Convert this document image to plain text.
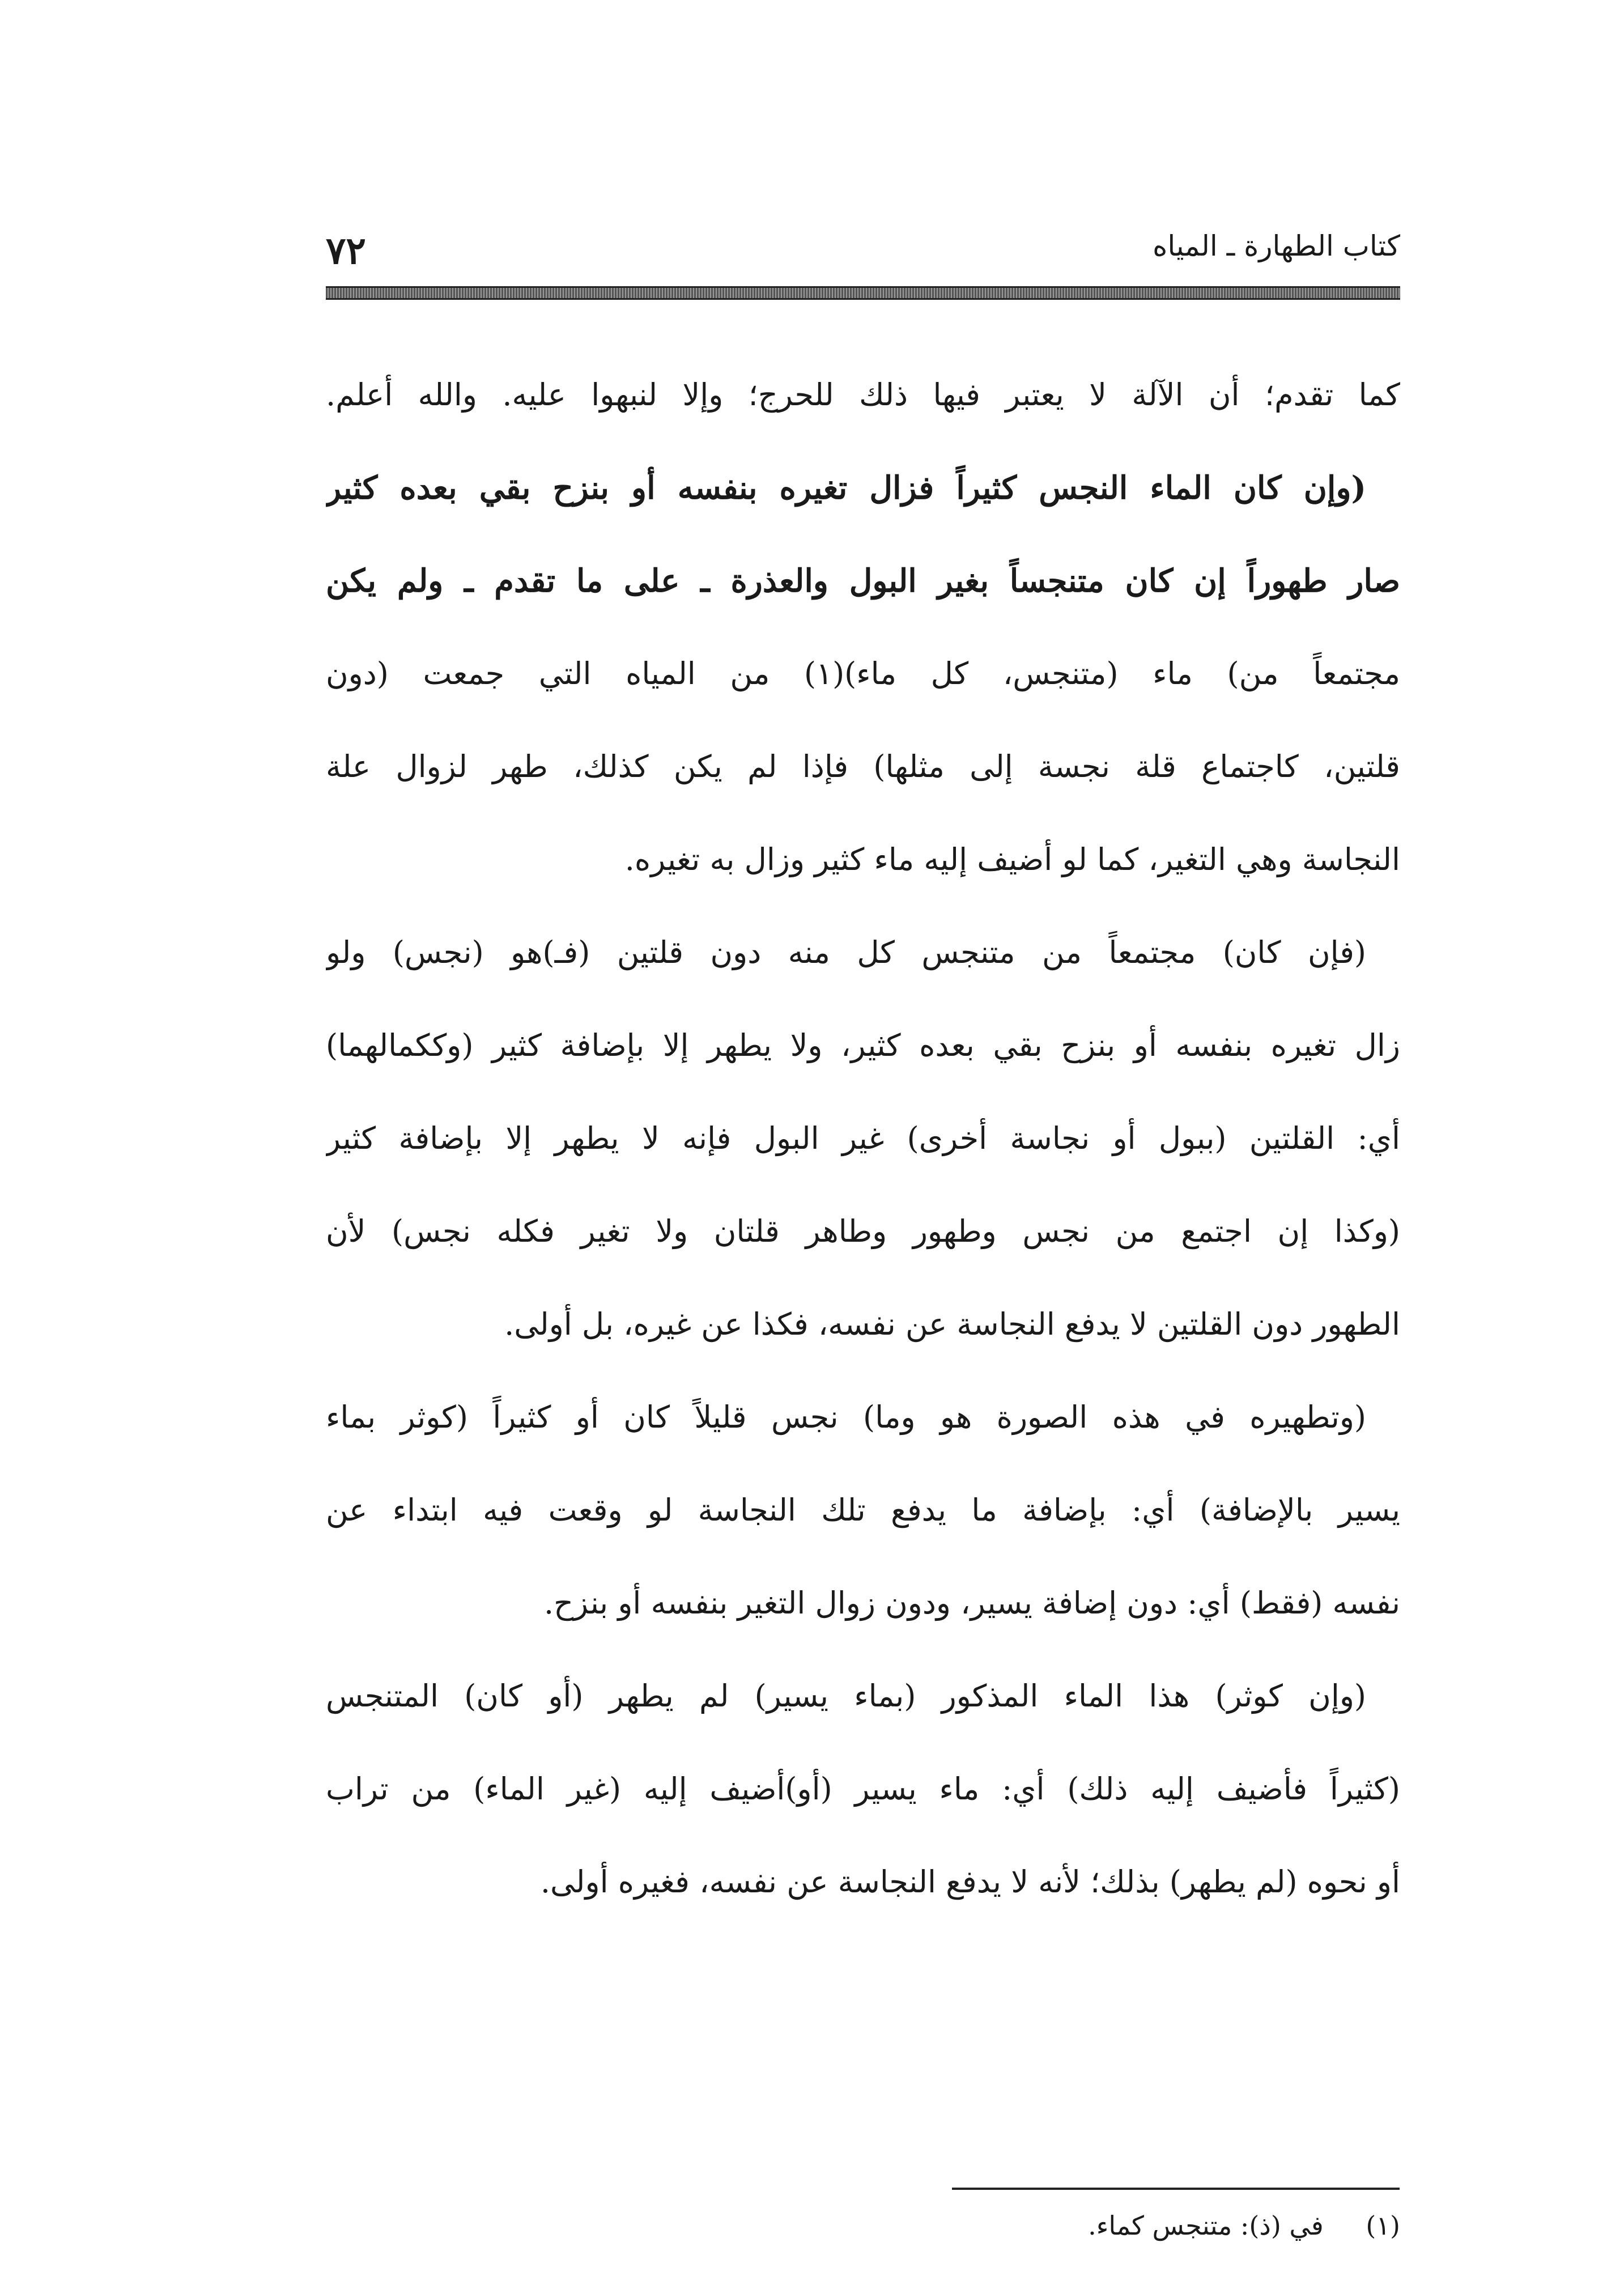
٧٢	كتاب الطهارة ـ المياه
كما تقدم؛ أن الآلة لا يعتبر فيها ذلك للحرج؛ وإلا لنبهوا عليه. والله أعلم.
(وإن كان الماء النجس كثيراً فزال تغيره بنفسه أو بنزح بقي بعده كثير
صار طهوراً إن كان متنجساً بغير البول والعذرة ـ على ما تقدم ـ ولم يكن
مجتمعاً من) ماء (متنجس، كل ماء)(١) من المياه التي جمعت (دون
قلتين، كاجتماع قلة نجسة إلى مثلها) فإذا لم يكن كذلك، طهر لزوال علة
النجاسة وهي التغير، كما لو أضيف إليه ماء كثير وزال به تغيره.
(فإن كان) مجتمعاً من متنجس كل منه دون قلتين (فـ)هو (نجس) ولو
زال تغيره بنفسه أو بنزح بقي بعده كثير، ولا يطهر إلا بإضافة كثير (وككمالهما)
أي: القلتين (ببول أو نجاسة أخرى) غير البول فإنه لا يطهر إلا بإضافة كثير
(وكذا إن اجتمع من نجس وطهور وطاهر قلتان ولا تغير فكله نجس) لأن
الطهور دون القلتين لا يدفع النجاسة عن نفسه، فكذا عن غيره، بل أولى.
(وتطهيره في هذه الصورة هو وما) نجس قليلاً كان أو كثيراً (كوثر بماء
يسير بالإضافة) أي: بإضافة ما يدفع تلك النجاسة لو وقعت فيه ابتداء عن
نفسه (فقط) أي: دون إضافة يسير، ودون زوال التغير بنفسه أو بنزح.
(وإن كوثر) هذا الماء المذكور (بماء يسير) لم يطهر (أو كان) المتنجس
(كثيراً فأضيف إليه ذلك) أي: ماء يسير (أو)أضيف إليه (غير الماء) من تراب
أو نحوه (لم يطهر) بذلك؛ لأنه لا يدفع النجاسة عن نفسه، فغيره أولى.
(١) في (ذ): متنجس كماء.
